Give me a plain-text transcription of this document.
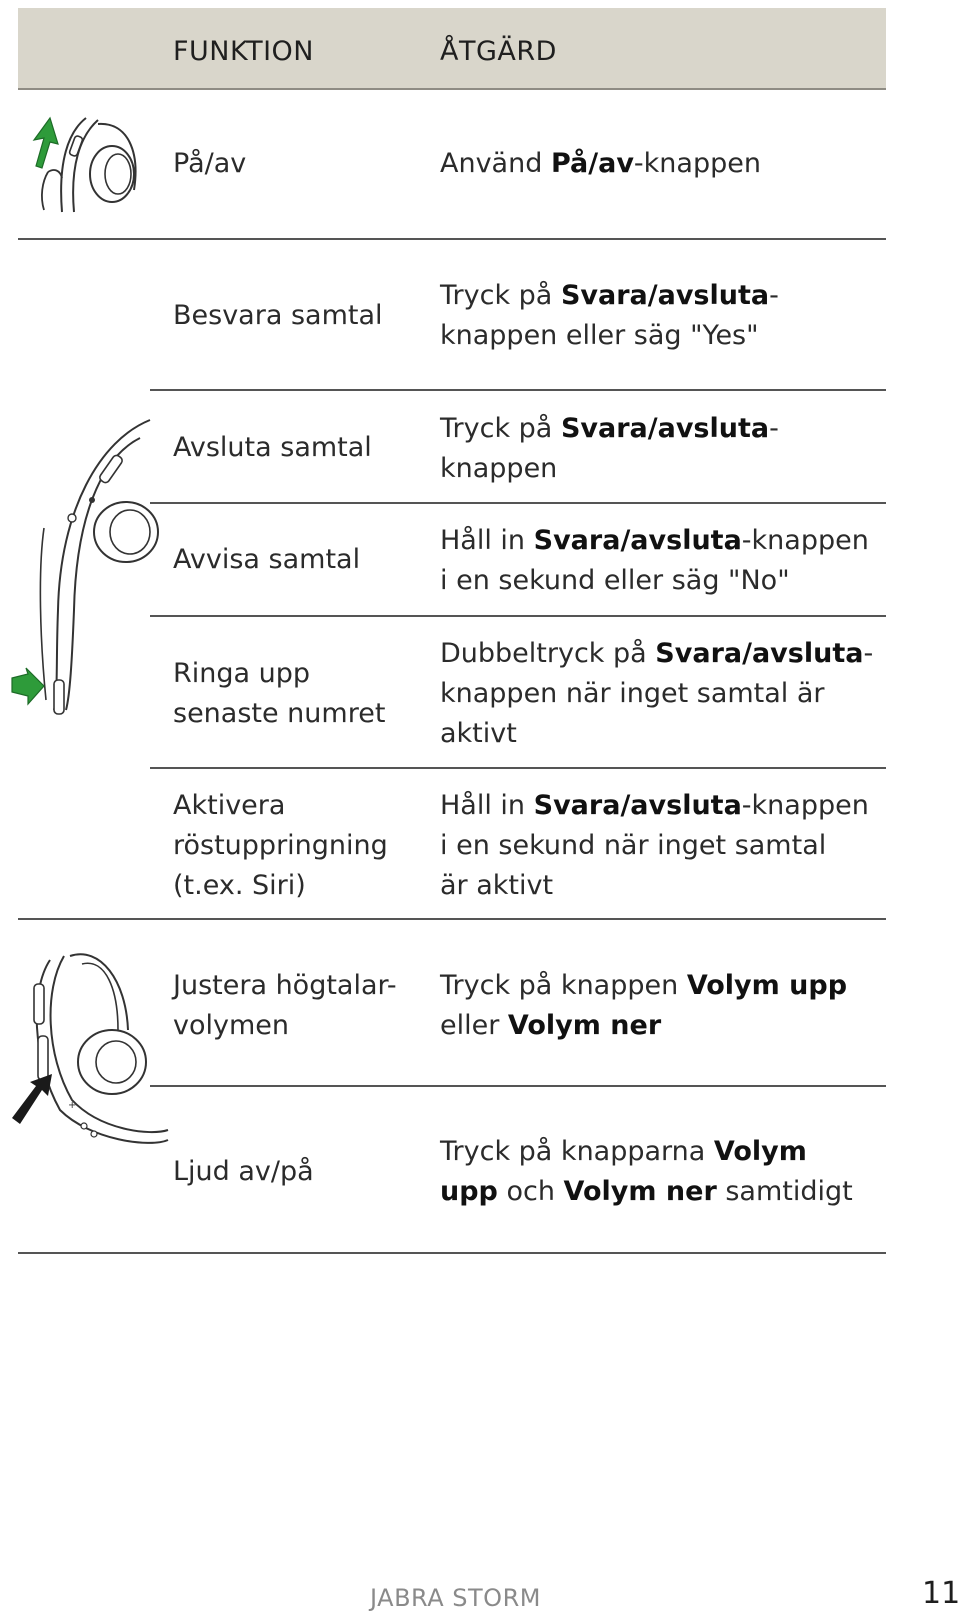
FUNKTION	ÅTGÄRD
På/av
Besvara samtal
Avsluta samtal
Avvisa samtal
Ringa upp
senaste numret
Aktivera
röstuppringning
(t.ex. Siri)
Justera högtalar-
volymen
Ljud av/på
Använd På/av-knappen
Tryck på Svara/avsluta-
knappen eller säg "Yes"
Tryck på Svara/avsluta-
knappen
Håll in Svara/avsluta-knappen
i en sekund eller säg "No"
Dubbeltryck på Svara/avsluta-
knappen när inget samtal är
aktivt
Håll in Svara/avsluta-knappen
i en sekund när inget samtal
är aktivt
Tryck på knappen Volym upp
eller Volym ner
Tryck på knapparna Volym
upp och Volym ner samtidigt
+
JABRA STORM	11
